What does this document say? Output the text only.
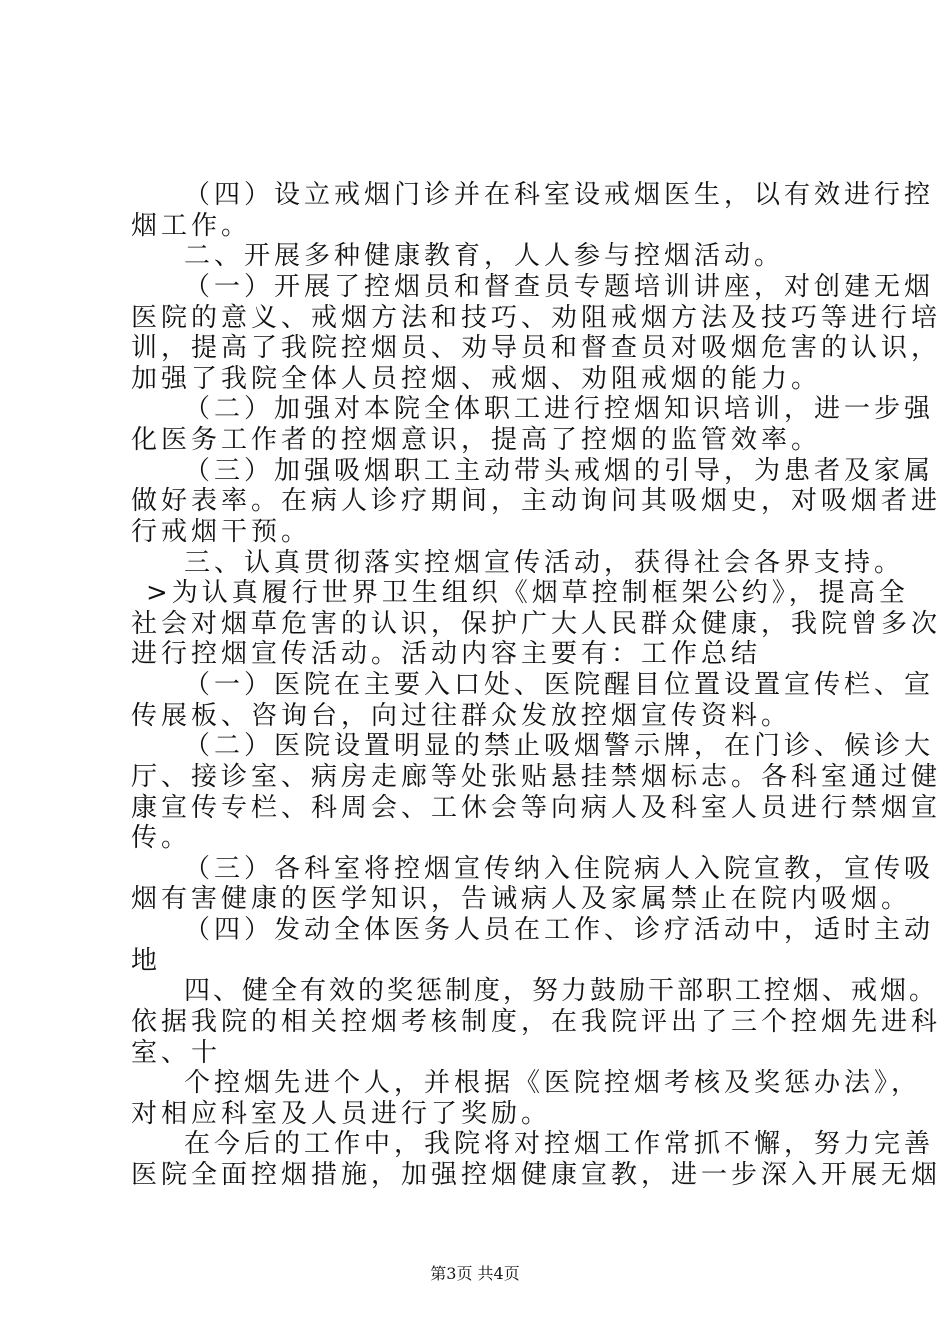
（四）设立戒烟门诊并在科室设戒烟医生，以有效进行控
烟工作。
二、开展多种健康教育，人人参与控烟活动。
（一）开展了控烟员和督查员专题培训讲座，对创建无烟
医院的意义、戒烟方法和技巧、劝阻戒烟方法及技巧等进行培
训，提高了我院控烟员、劝导员和督查员对吸烟危害的认识，
加强了我院全体人员控烟、戒烟、劝阻戒烟的能力。
（二）加强对本院全体职工进行控烟知识培训，进一步强
化医务工作者的控烟意识，提高了控烟的监管效率。
（三）加强吸烟职工主动带头戒烟的引导，为患者及家属
做好表率。在病人诊疗期间，主动询问其吸烟史，对吸烟者进
行戒烟干预。
三、认真贯彻落实控烟宣传活动，获得社会各界支持。
>为认真履行世界卫生组织《烟草控制框架公约》，提高全
社会对烟草危害的认识，保护广大人民群众健康，我院曾多次
进行控烟宣传活动。活动内容主要有：工作总结
（一）医院在主要入口处、医院醒目位置设置宣传栏、宣
传展板、咨询台，向过往群众发放控烟宣传资料。
（二）医院设置明显的禁止吸烟警示牌，在门诊、候诊大
厅、接诊室、病房走廊等处张贴悬挂禁烟标志。各科室通过健
康宣传专栏、科周会、工休会等向病人及科室人员进行禁烟宣
传。
（三）各科室将控烟宣传纳入住院病人入院宣教，宣传吸
烟有害健康的医学知识，告诫病人及家属禁止在院内吸烟。
（四）发动全体医务人员在工作、诊疗活动中，适时主动
地
四、健全有效的奖惩制度，努力鼓励干部职工控烟、戒烟。
依据我院的相关控烟考核制度，在我院评出了三个控烟先进科
室、十
个控烟先进个人，并根据《医院控烟考核及奖惩办法》，
对相应科室及人员进行了奖励。
在今后的工作中，我院将对控烟工作常抓不懈，努力完善
医院全面控烟措施，加强控烟健康宣教，进一步深入开展无烟
第3页 共4页
